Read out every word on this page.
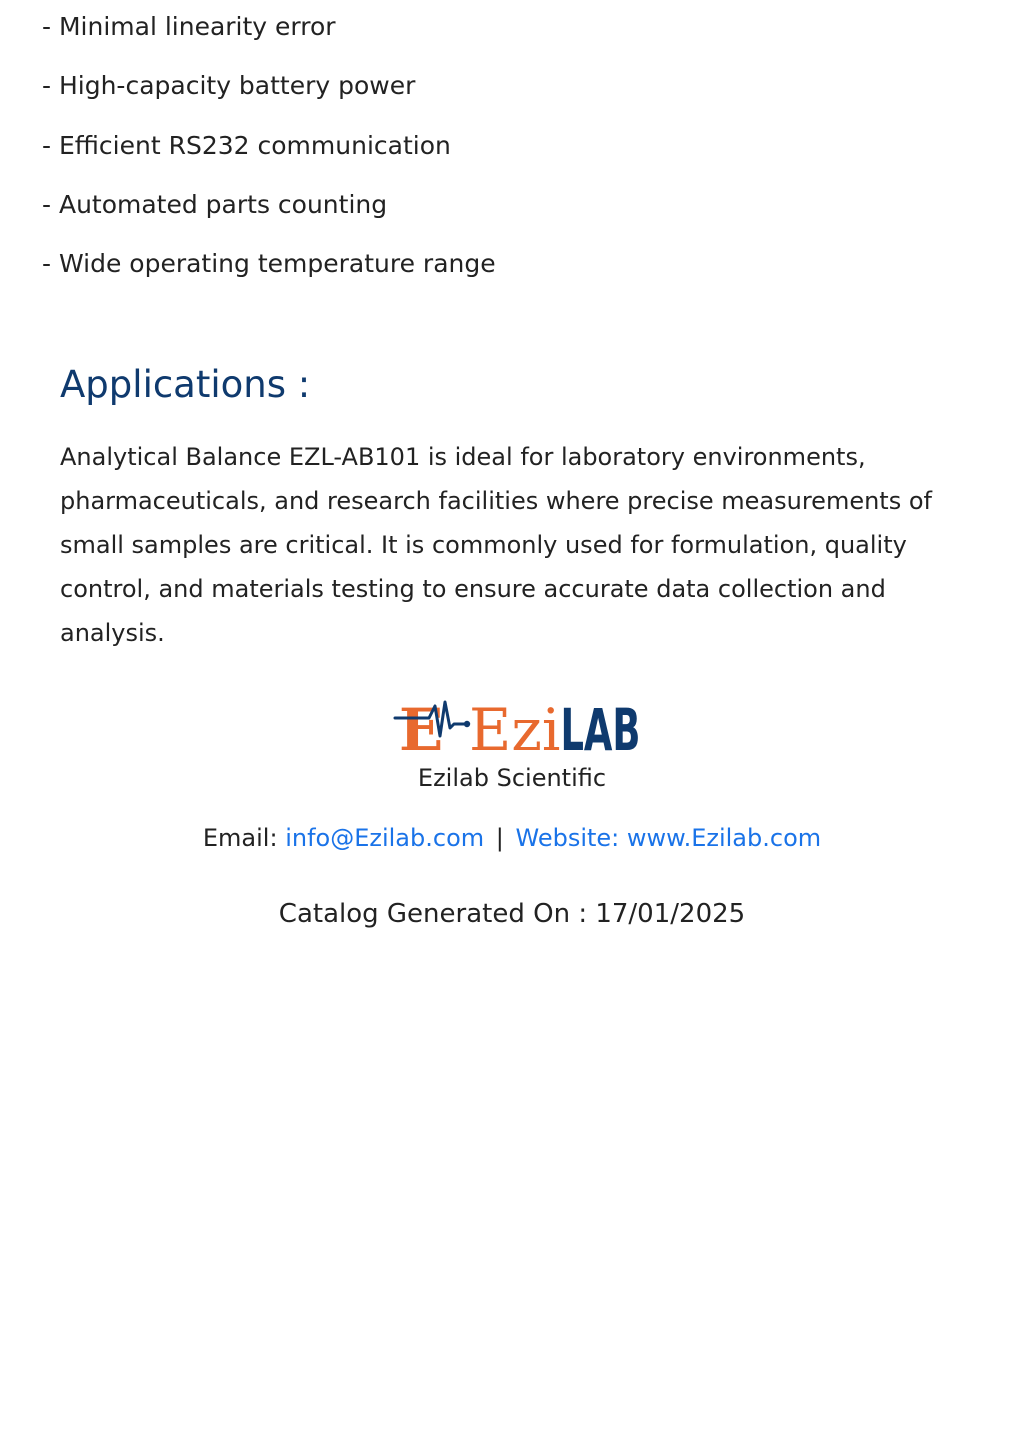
- Minimal linearity error
- High-capacity battery power
- Efficient RS232 communication
- Automated parts counting
- Wide operating temperature range
Applications :

Analytical Balance EZL-AB101 is ideal for laboratory environments, pharmaceuticals, and research facilities where precise measurements of small samples are critical. It is commonly used for formulation, quality control, and materials testing to ensure accurate data collection and analysis.

E EziLAB
Ezilab Scientific
Email: info@Ezilab.com | Website: www.Ezilab.com
Catalog Generated On : 17/01/2025
